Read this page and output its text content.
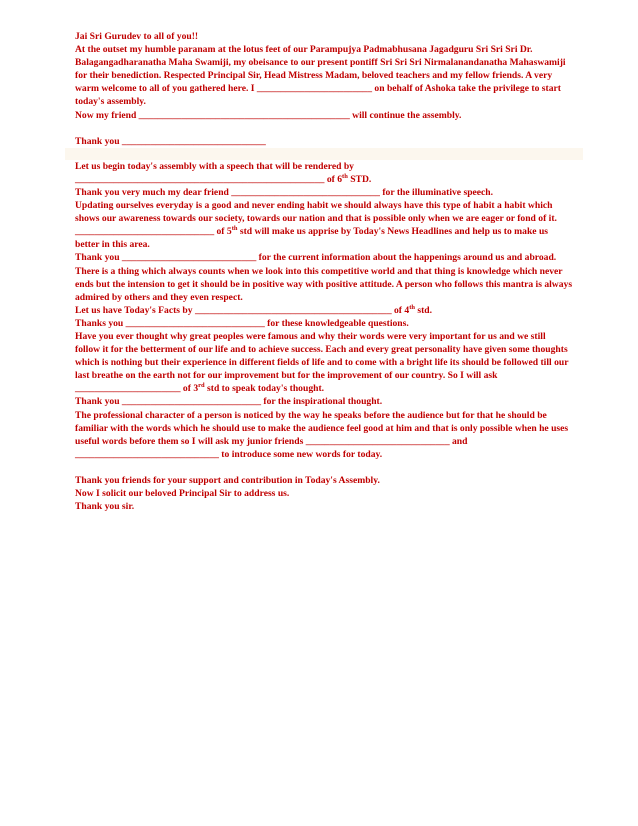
Jai Sri Gurudev to all of you!!

At the outset my humble paranam at the lotus feet of our Parampujya Padmabhusana Jagadguru Sri Sri Sri Dr. Balagangadharanatha Maha Swamiji, my obeisance to our present pontiff Sri Sri Sri Nirmalanandanatha Mahaswamiji for their benediction. Respected Principal Sir, Head Mistress Madam, beloved teachers and my fellow friends. A very warm welcome to all of you gathered here. I ________________________ on behalf of Ashoka take the privilege to start today's assembly.

Now my friend ____________________________________________ will continue the assembly.

Thank you ______________________________

Let us begin today's assembly with a speech that will be rendered by

____________________________________________________ of 6th STD.

Thank you very much my dear friend _______________________________ for the illuminative speech.

Updating ourselves everyday is a good and never ending habit we should always have this type of habit a habit which shows our awareness towards our society, towards our nation and that is possible only when we are eager or fond of it.

_____________________________ of 5th std will make us apprise by Today's News Headlines and help us to make us better in this area.

Thank you ____________________________ for the current information about the happenings around us and abroad.

There is a thing which always counts when we look into this competitive world and that thing is knowledge which never ends but the intension to get it should be in positive way with positive attitude. A person who follows this mantra is always admired by others and they even respect.

Let us have Today's Facts by _________________________________________ of 4th std.

Thanks you _____________________________ for these knowledgeable questions.

Have you ever thought why great peoples were famous and why their words were very important for us and we still follow it for the betterment of our life and to achieve success. Each and every great personality have given some thoughts which is nothing but their experience in different fields of life and to come with a bright life its should be followed till our last breathe on the earth not for our improvement but for the improvement of our country. So I will ask

______________________ of 3rd std to speak today's thought.

Thank you _____________________________ for the inspirational thought.

The professional character of a person is noticed by the way he speaks before the audience but for that he should be familiar with the words which he should use to make the audience feel good at him and that is only possible when he uses useful words before them so I will ask my junior friends ______________________________ and

______________________________ to introduce some new words for today.

Thank you friends for your support and contribution in Today's Assembly.

Now I solicit our beloved Principal Sir to address us.

Thank you sir.
